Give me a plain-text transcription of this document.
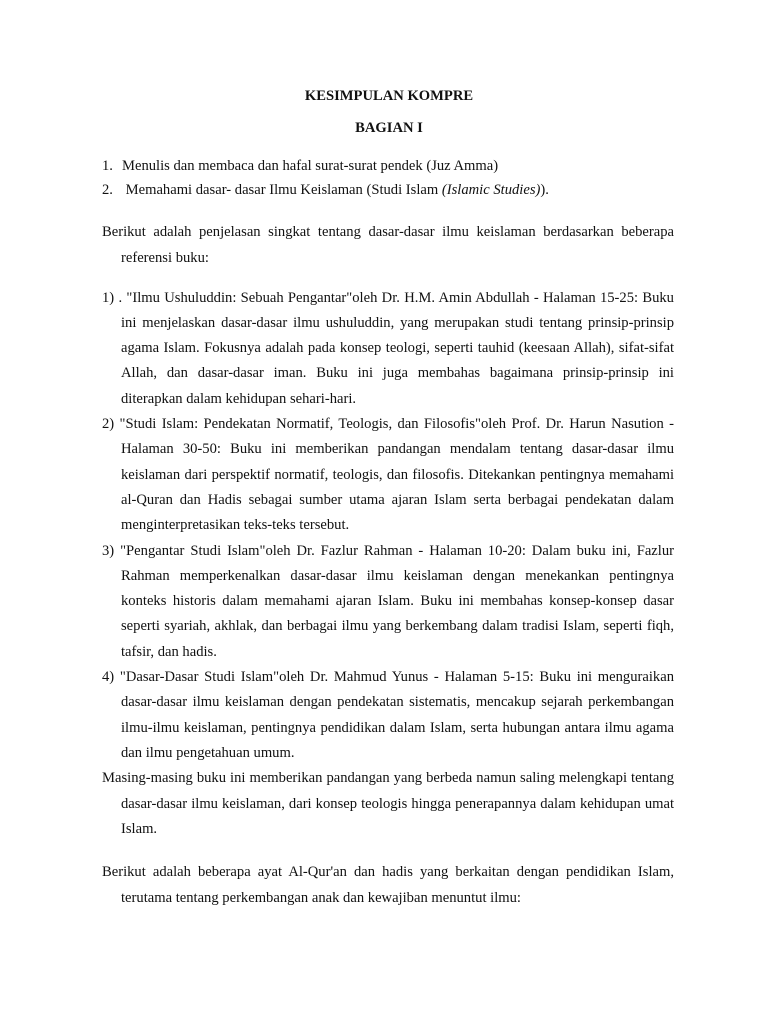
KESIMPULAN KOMPRE

BAGIAN I

1. Menulis dan membaca dan hafal surat-surat pendek (Juz Amma)
2. Memahami dasar- dasar Ilmu Keislaman (Studi Islam (Islamic Studies)).

Berikut adalah penjelasan singkat tentang dasar-dasar ilmu keislaman berdasarkan beberapa referensi buku:

1) . "Ilmu Ushuluddin: Sebuah Pengantar"oleh Dr. H.M. Amin Abdullah - Halaman 15-25: Buku ini menjelaskan dasar-dasar ilmu ushuluddin, yang merupakan studi tentang prinsip-prinsip agama Islam. Fokusnya adalah pada konsep teologi, seperti tauhid (keesaan Allah), sifat-sifat Allah, dan dasar-dasar iman. Buku ini juga membahas bagaimana prinsip-prinsip ini diterapkan dalam kehidupan sehari-hari.
2) "Studi Islam: Pendekatan Normatif, Teologis, dan Filosofis"oleh Prof. Dr. Harun Nasution - Halaman 30-50: Buku ini memberikan pandangan mendalam tentang dasar-dasar ilmu keislaman dari perspektif normatif, teologis, dan filosofis. Ditekankan pentingnya memahami al-Quran dan Hadis sebagai sumber utama ajaran Islam serta berbagai pendekatan dalam menginterpretasikan teks-teks tersebut.
3) "Pengantar Studi Islam"oleh Dr. Fazlur Rahman - Halaman 10-20: Dalam buku ini, Fazlur Rahman memperkenalkan dasar-dasar ilmu keislaman dengan menekankan pentingnya konteks historis dalam memahami ajaran Islam. Buku ini membahas konsep-konsep dasar seperti syariah, akhlak, dan berbagai ilmu yang berkembang dalam tradisi Islam, seperti fiqh, tafsir, dan hadis.
4) "Dasar-Dasar Studi Islam"oleh Dr. Mahmud Yunus - Halaman 5-15: Buku ini menguraikan dasar-dasar ilmu keislaman dengan pendekatan sistematis, mencakup sejarah perkembangan ilmu-ilmu keislaman, pentingnya pendidikan dalam Islam, serta hubungan antara ilmu agama dan ilmu pengetahuan umum.

Masing-masing buku ini memberikan pandangan yang berbeda namun saling melengkapi tentang dasar-dasar ilmu keislaman, dari konsep teologis hingga penerapannya dalam kehidupan umat Islam.

Berikut adalah beberapa ayat Al-Qur'an dan hadis yang berkaitan dengan pendidikan Islam, terutama tentang perkembangan anak dan kewajiban menuntut ilmu:
